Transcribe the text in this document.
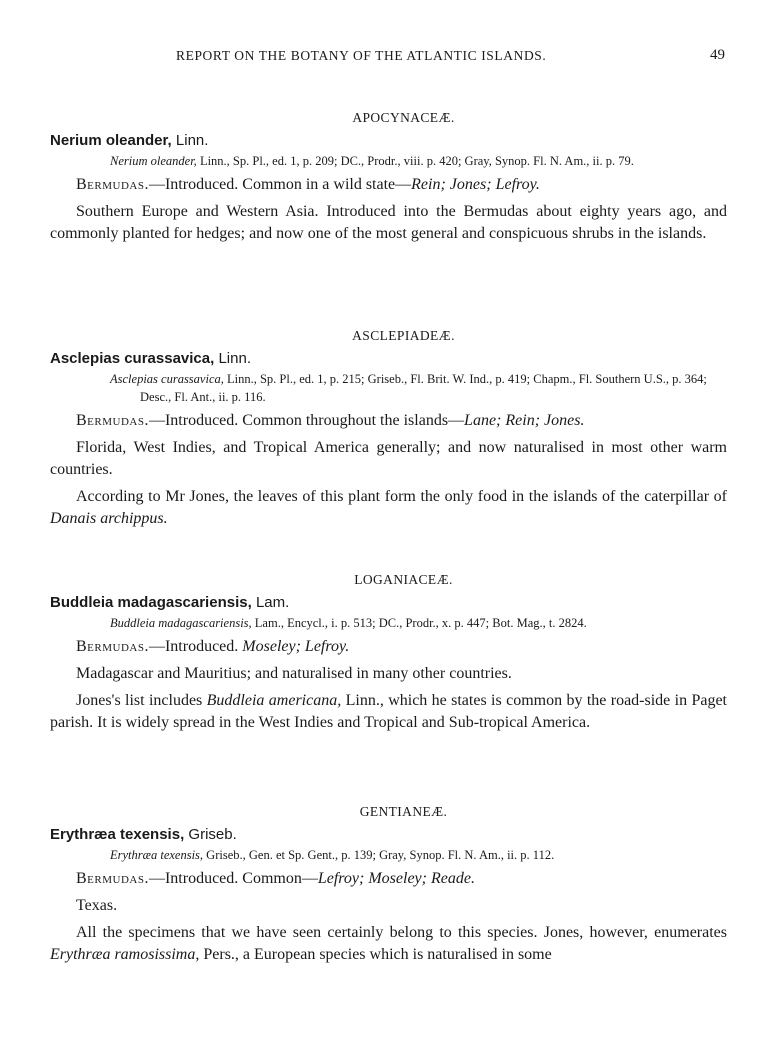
REPORT ON THE BOTANY OF THE ATLANTIC ISLANDS.	49
APOCYNACEÆ.
Nerium oleander, Linn.
Nerium oleander, Linn., Sp. Pl., ed. 1, p. 209; DC., Prodr., viii. p. 420; Gray, Synop. Fl. N. Am., ii. p. 79.
Bermudas.—Introduced. Common in a wild state—Rein; Jones; Lefroy.
Southern Europe and Western Asia. Introduced into the Bermudas about eighty years ago, and commonly planted for hedges; and now one of the most general and conspicuous shrubs in the islands.
ASCLEPIADEÆ.
Asclepias curassavica, Linn.
Asclepias curassavica, Linn., Sp. Pl., ed. 1, p. 215; Griseb., Fl. Brit. W. Ind., p. 419; Chapm., Fl. Southern U.S., p. 364; Desc., Fl. Ant., ii. p. 116.
Bermudas.—Introduced. Common throughout the islands—Lane; Rein; Jones.
Florida, West Indies, and Tropical America generally; and now naturalised in most other warm countries.
According to Mr Jones, the leaves of this plant form the only food in the islands of the caterpillar of Danais archippus.
LOGANIACEÆ.
Buddleia madagascariensis, Lam.
Buddleia madagascariensis, Lam., Encycl., i. p. 513; DC., Prodr., x. p. 447; Bot. Mag., t. 2824.
Bermudas.—Introduced. Moseley; Lefroy.
Madagascar and Mauritius; and naturalised in many other countries.
Jones's list includes Buddleia americana, Linn., which he states is common by the road-side in Paget parish. It is widely spread in the West Indies and Tropical and Sub-tropical America.
GENTIANEÆ.
Erythræa texensis, Griseb.
Erythræa texensis, Griseb., Gen. et Sp. Gent., p. 139; Gray, Synop. Fl. N. Am., ii. p. 112.
Bermudas.—Introduced. Common—Lefroy; Moseley; Reade.
Texas.
All the specimens that we have seen certainly belong to this species. Jones, however, enumerates Erythræa ramosissima, Pers., a European species which is naturalised in some
